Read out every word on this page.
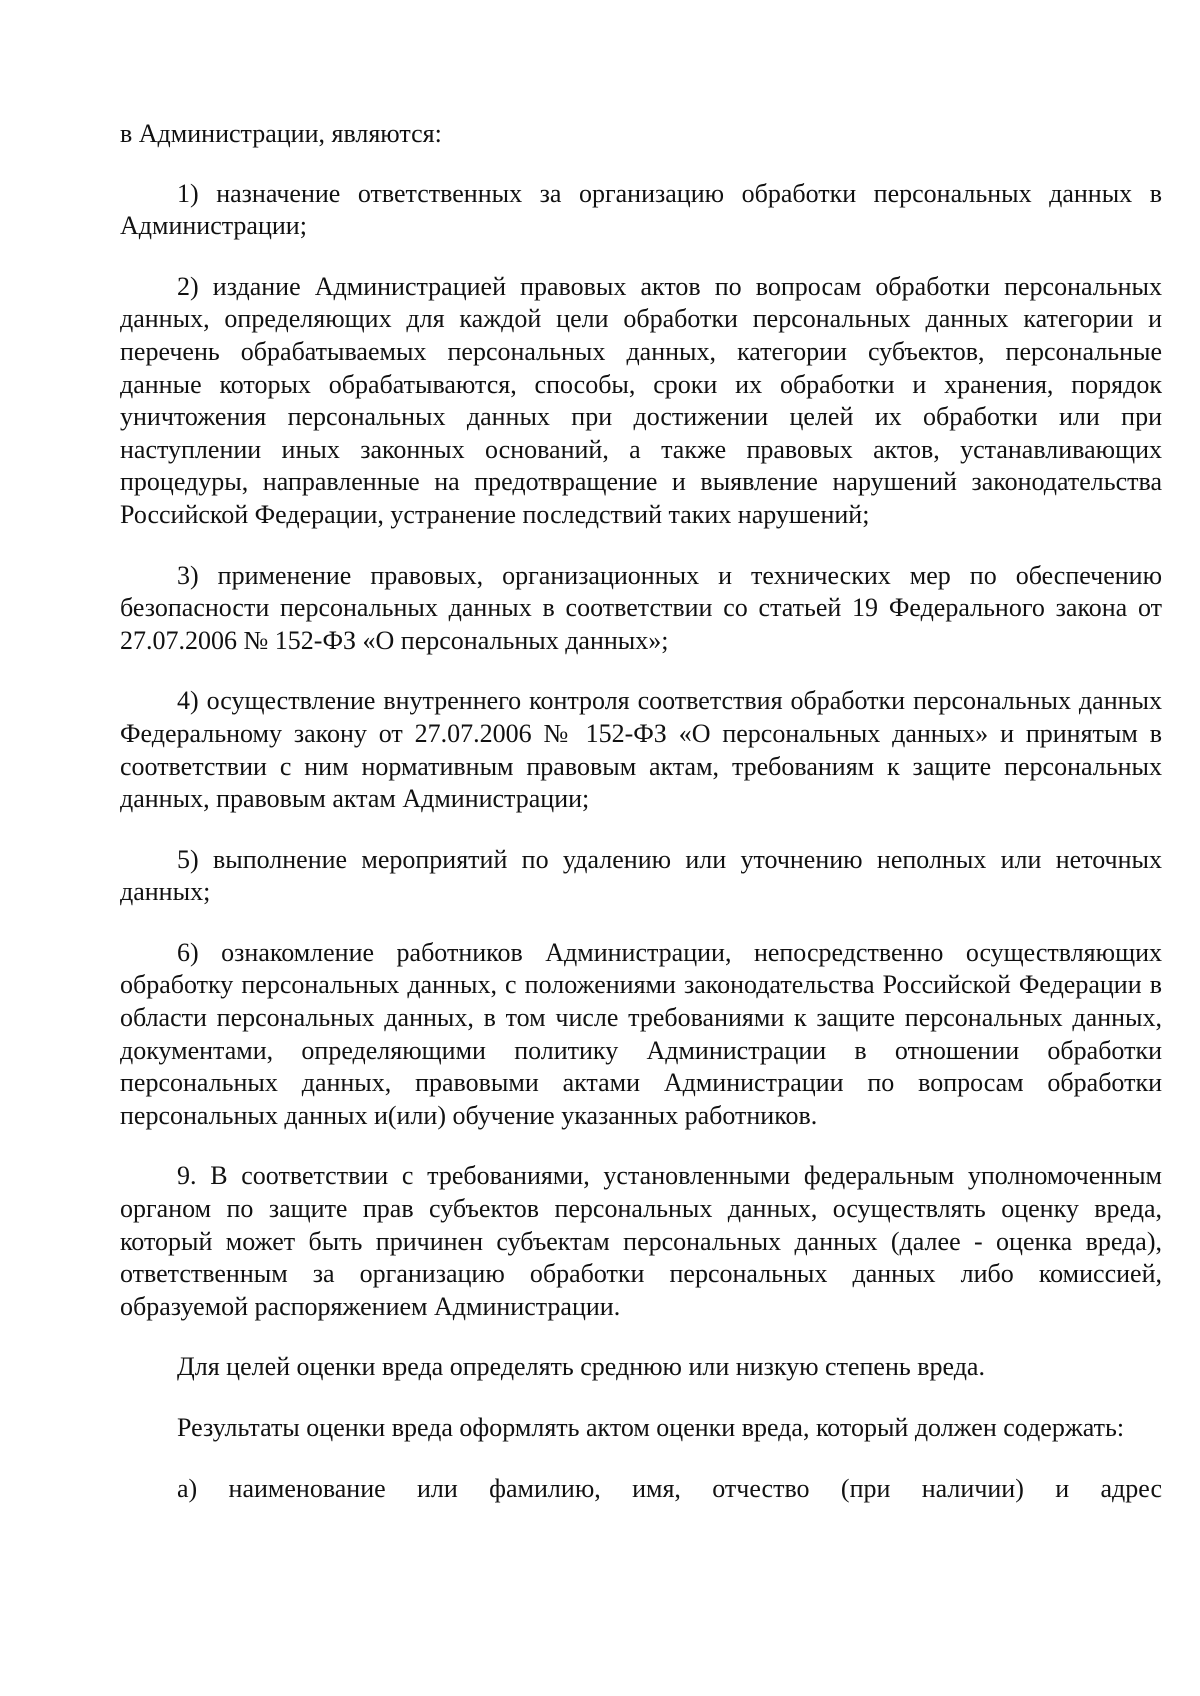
в Администрации, являются:

1) назначение ответственных за организацию обработки персональных данных в Администрации;

2) издание Администрацией правовых актов по вопросам обработки персональных данных, определяющих для каждой цели обработки персональных данных категории и перечень обрабатываемых персональных данных, категории субъектов, персональные данные которых обрабатываются, способы, сроки их обработки и хранения, порядок уничтожения персональных данных при достижении целей их обработки или при наступлении иных законных оснований, а также правовых актов, устанавливающих процедуры, направленные на предотвращение и выявление нарушений законодательства Российской Федерации, устранение последствий таких нарушений;

3) применение правовых, организационных и технических мер по обеспечению безопасности персональных данных в соответствии со статьей 19 Федерального закона от 27.07.2006 № 152-ФЗ «О персональных данных»;

4) осуществление внутреннего контроля соответствия обработки персональных данных Федеральному закону от 27.07.2006 № 152-ФЗ «О персональных данных» и принятым в соответствии с ним нормативным правовым актам, требованиям к защите персональных данных, правовым актам Администрации;

5) выполнение мероприятий по удалению или уточнению неполных или неточных данных;

6) ознакомление работников Администрации, непосредственно осуществляющих обработку персональных данных, с положениями законодательства Российской Федерации в области персональных данных, в том числе требованиями к защите персональных данных, документами, определяющими политику Администрации в отношении обработки персональных данных, правовыми актами Администрации по вопросам обработки персональных данных и(или) обучение указанных работников.

9. В соответствии с требованиями, установленными федеральным уполномоченным органом по защите прав субъектов персональных данных, осуществлять оценку вреда, который может быть причинен субъектам персональных данных (далее - оценка вреда), ответственным за организацию обработки персональных данных либо комиссией, образуемой распоряжением Администрации.

Для целей оценки вреда определять среднюю или низкую степень вреда.

Результаты оценки вреда оформлять актом оценки вреда, который должен содержать:

а) наименование или фамилию, имя, отчество (при наличии) и адрес
